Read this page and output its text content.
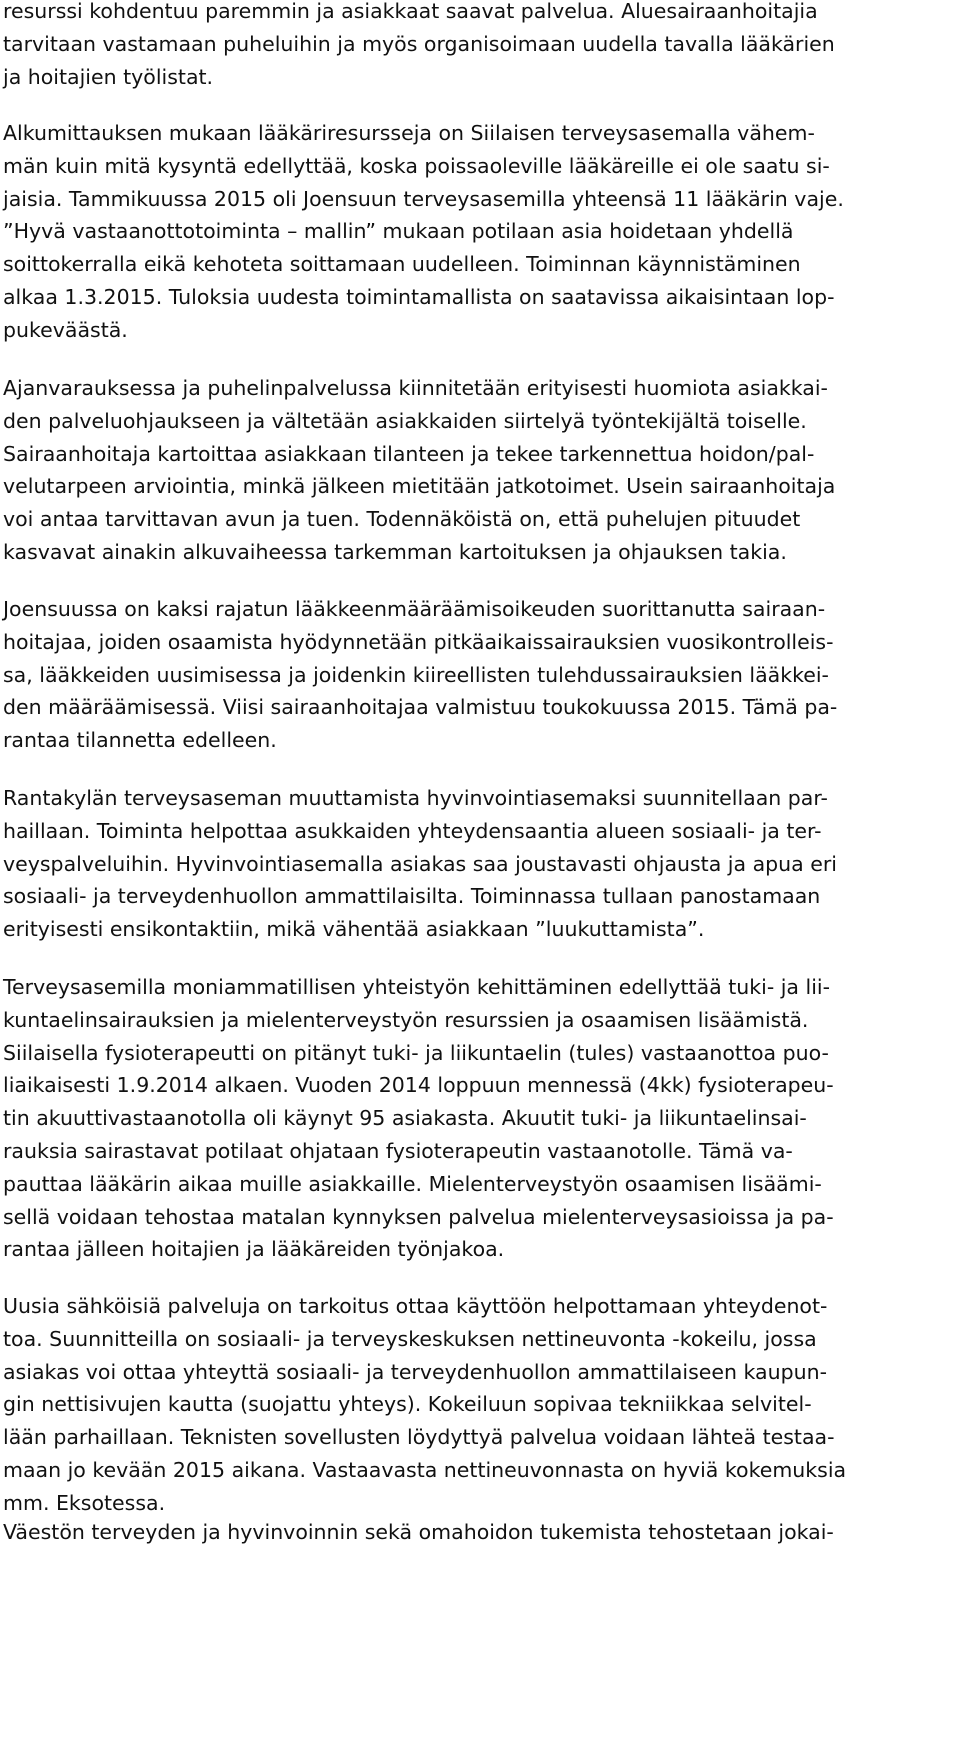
resurssi kohdentuu paremmin ja asiakkaat saavat palvelua. Aluesairaanhoitajia
tarvitaan vastamaan puheluihin ja myös organisoimaan uudella tavalla lääkärien
ja hoitajien työlistat.
Alkumittauksen mukaan lääkäriresursseja on Siilaisen terveysasemalla vähem-
män kuin mitä kysyntä edellyttää, koska poissaoleville lääkäreille ei ole saatu si-
jaisia. Tammikuussa 2015 oli Joensuun terveysasemilla yhteensä 11 lääkärin vaje.
”Hyvä vastaanottotoiminta – mallin” mukaan potilaan asia hoidetaan yhdellä
soittokerralla eikä kehoteta soittamaan uudelleen. Toiminnan käynnistäminen
alkaa 1.3.2015. Tuloksia uudesta toimintamallista on saatavissa aikaisintaan lop-
pukeväästä.
Ajanvarauksessa ja puhelinpalvelussa kiinnitetään erityisesti huomiota asiakkai-
den palveluohjaukseen ja vältetään asiakkaiden siirtelyä työntekijältä toiselle.
Sairaanhoitaja kartoittaa asiakkaan tilanteen ja tekee tarkennettua hoidon/pal-
velutarpeen arviointia, minkä jälkeen mietitään jatkotoimet. Usein sairaanhoitaja
voi antaa tarvittavan avun ja tuen. Todennäköistä on, että puhelujen pituudet
kasvavat ainakin alkuvaiheessa tarkemman kartoituksen ja ohjauksen takia.
Joensuussa on kaksi rajatun lääkkeenmääräämisoikeuden suorittanutta sairaan-
hoitajaa, joiden osaamista hyödynnetään pitkäaikaissairauksien vuosikontrolleis-
sa, lääkkeiden uusimisessa ja joidenkin kiireellisten tulehdussairauksien lääkkei-
den määräämisessä. Viisi sairaanhoitajaa valmistuu toukokuussa 2015. Tämä pa-
rantaa tilannetta edelleen.
Rantakylän terveysaseman muuttamista hyvinvointiasemaksi suunnitellaan par-
haillaan. Toiminta helpottaa asukkaiden yhteydensaantia alueen sosiaali- ja ter-
veyspalveluihin. Hyvinvointiasemalla asiakas saa joustavasti ohjausta ja apua eri
sosiaali- ja terveydenhuollon ammattilaisilta. Toiminnassa tullaan panostamaan
erityisesti ensikontaktiin, mikä vähentää asiakkaan ”luukuttamista”.
Terveysasemilla moniammatillisen yhteistyön kehittäminen edellyttää tuki- ja lii-
kuntaelinsairauksien ja mielenterveystyön resurssien ja osaamisen lisäämistä.
Siilaisella fysioterapeutti on pitänyt tuki- ja liikuntaelin (tules) vastaanottoa puo-
liaikaisesti 1.9.2014 alkaen. Vuoden 2014 loppuun mennessä (4kk) fysioterapeu-
tin akuuttivastaanotolla oli käynyt 95 asiakasta. Akuutit tuki- ja liikuntaelinsai-
rauksia sairastavat potilaat ohjataan fysioterapeutin vastaanotolle. Tämä va-
pauttaa lääkärin aikaa muille asiakkaille. Mielenterveystyön osaamisen lisäämi-
sellä voidaan tehostaa matalan kynnyksen palvelua mielenterveysasioissa ja pa-
rantaa jälleen hoitajien ja lääkäreiden työnjakoa.
Uusia sähköisiä palveluja on tarkoitus ottaa käyttöön helpottamaan yhteydenot-
toa. Suunnitteilla on sosiaali- ja terveyskeskuksen nettineuvonta -kokeilu, jossa
asiakas voi ottaa yhteyttä sosiaali- ja terveydenhuollon ammattilaiseen kaupun-
gin nettisivujen kautta (suojattu yhteys). Kokeiluun sopivaa tekniikkaa selvitel-
lään parhaillaan. Teknisten sovellusten löydyttyä palvelua voidaan lähteä testaa-
maan jo kevään 2015 aikana. Vastaavasta nettineuvonnasta on hyviä kokemuksia
mm. Eksotessa.
Väestön terveyden ja hyvinvoinnin sekä omahoidon tukemista tehostetaan jokai-
